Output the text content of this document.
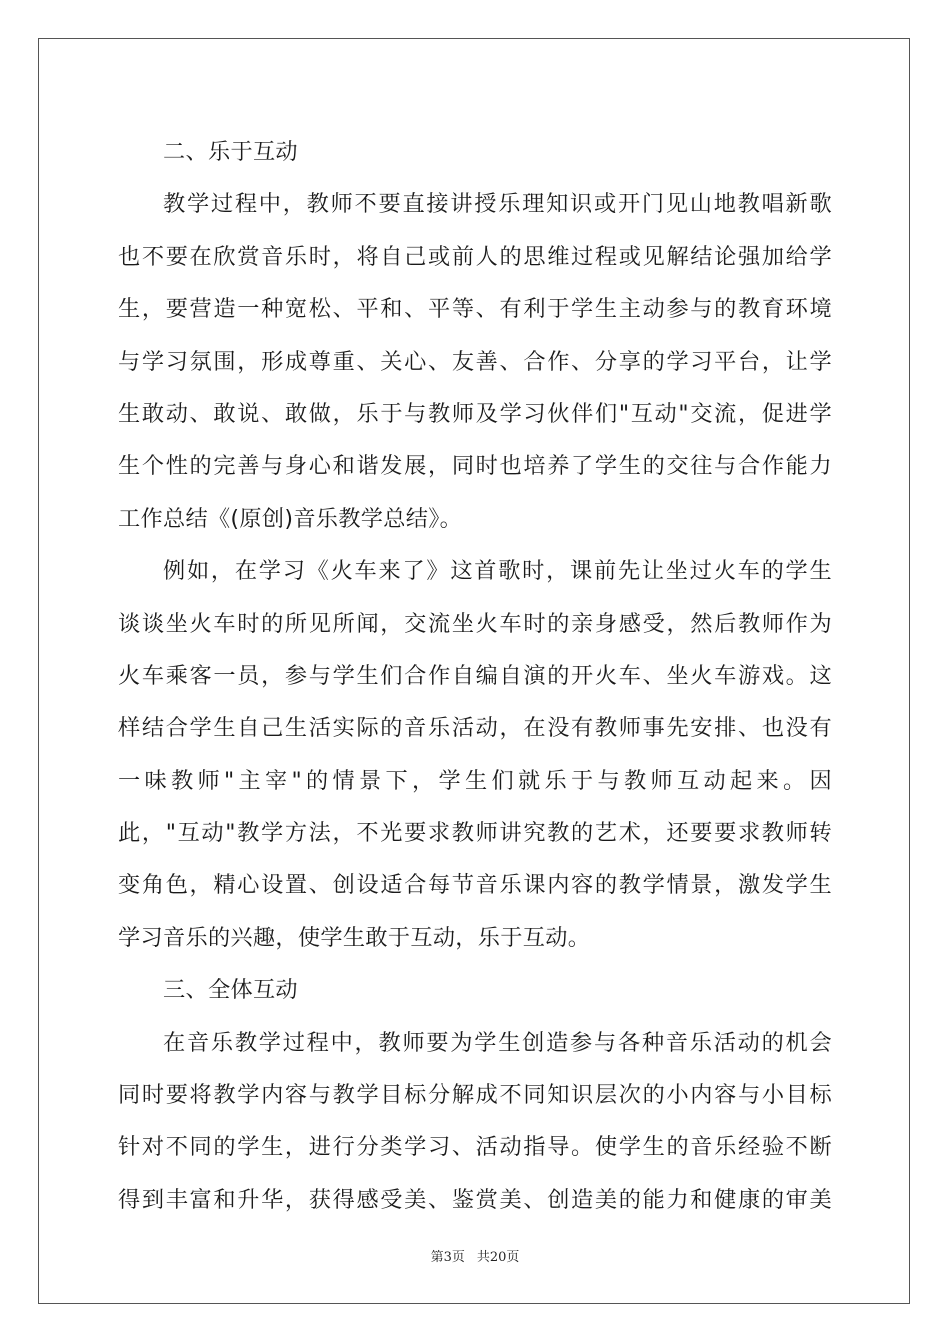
二、乐于互动
教学过程中，教师不要直接讲授乐理知识或开门见山地教唱新歌
也不要在欣赏音乐时，将自己或前人的思维过程或见解结论强加给学
生，要营造一种宽松、平和、平等、有利于学生主动参与的教育环境
与学习氛围，形成尊重、关心、友善、合作、分享的学习平台，让学
生敢动、敢说、敢做，乐于与教师及学习伙伴们"互动"交流，促进学
生个性的完善与身心和谐发展，同时也培养了学生的交往与合作能力
工作总结《(原创)音乐教学总结》。
例如，在学习《火车来了》这首歌时，课前先让坐过火车的学生
谈谈坐火车时的所见所闻，交流坐火车时的亲身感受，然后教师作为
火车乘客一员，参与学生们合作自编自演的开火车、坐火车游戏。这
样结合学生自己生活实际的音乐活动，在没有教师事先安排、也没有
一味教师"主宰"的情景下，学生们就乐于与教师互动起来。因
此，"互动"教学方法，不光要求教师讲究教的艺术，还要要求教师转
变角色，精心设置、创设适合每节音乐课内容的教学情景，激发学生
学习音乐的兴趣，使学生敢于互动，乐于互动。
三、全体互动
在音乐教学过程中，教师要为学生创造参与各种音乐活动的机会
同时要将教学内容与教学目标分解成不同知识层次的小内容与小目标
针对不同的学生，进行分类学习、活动指导。使学生的音乐经验不断
得到丰富和升华，获得感受美、鉴赏美、创造美的能力和健康的审美
第3页 共20页
